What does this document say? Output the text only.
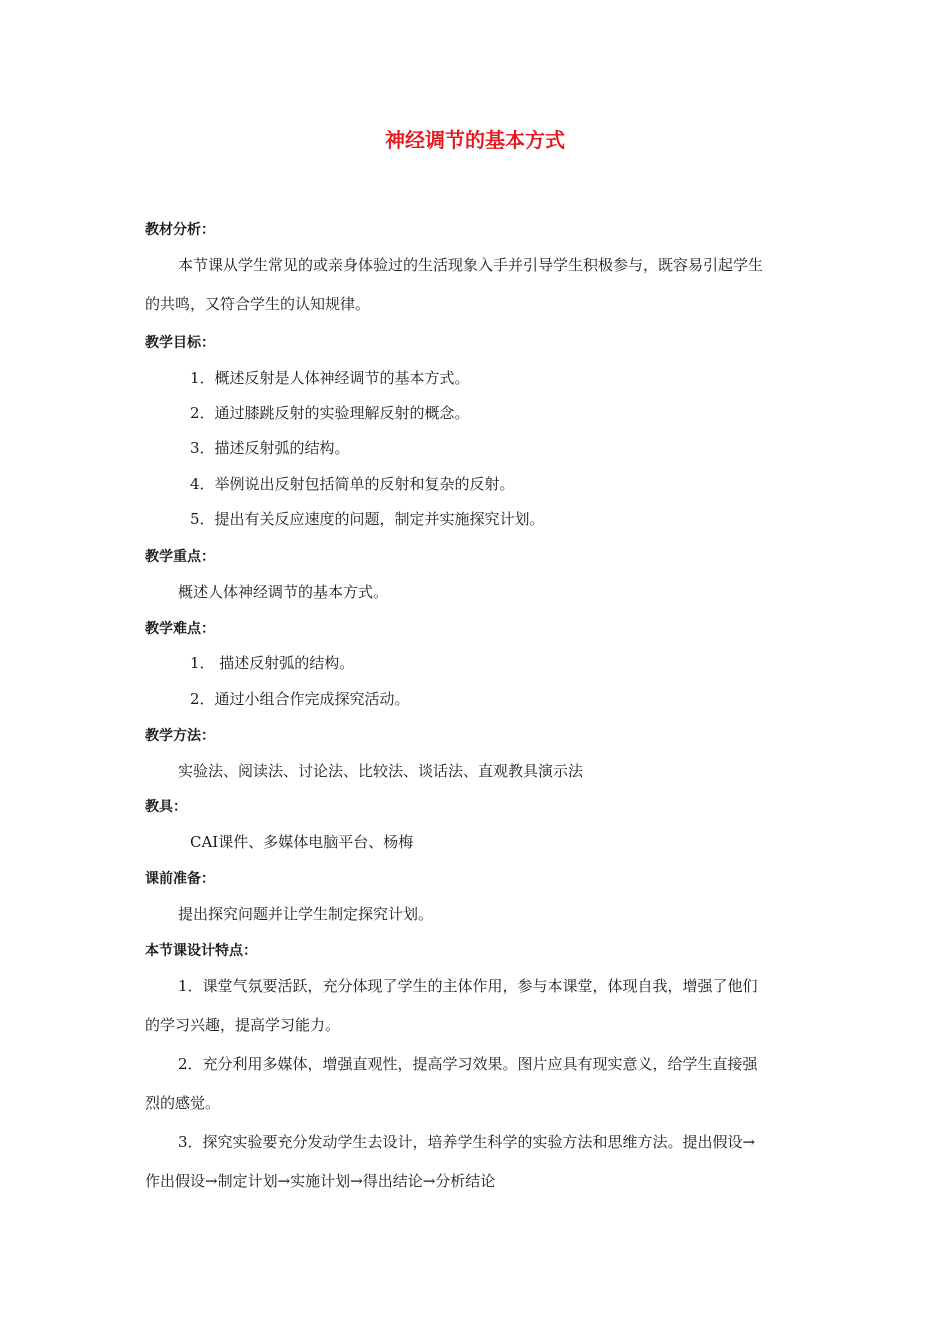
神经调节的基本方式
教材分析：
本节课从学生常见的或亲身体验过的生活现象入手并引导学生积极参与，既容易引起学生
的共鸣，又符合学生的认知规律。
教学目标：
1．概述反射是人体神经调节的基本方式。
2．通过膝跳反射的实验理解反射的概念。
3．描述反射弧的结构。
4．举例说出反射包括简单的反射和复杂的反射。
5．提出有关反应速度的问题，制定并实施探究计划。
教学重点：
概述人体神经调节的基本方式。
教学难点：
1． 描述反射弧的结构。
2．通过小组合作完成探究活动。
教学方法：
实验法、阅读法、讨论法、比较法、谈话法、直观教具演示法
教具：
CAI课件、多媒体电脑平台、杨梅
课前准备：
提出探究问题并让学生制定探究计划。
本节课设计特点：
1．课堂气氛要活跃，充分体现了学生的主体作用，参与本课堂，体现自我，增强了他们
的学习兴趣，提高学习能力。
2．充分利用多媒体，增强直观性，提高学习效果。图片应具有现实意义，给学生直接强
烈的感觉。
3．探究实验要充分发动学生去设计，培养学生科学的实验方法和思维方法。提出假设→
作出假设→制定计划→实施计划→得出结论→分析结论
